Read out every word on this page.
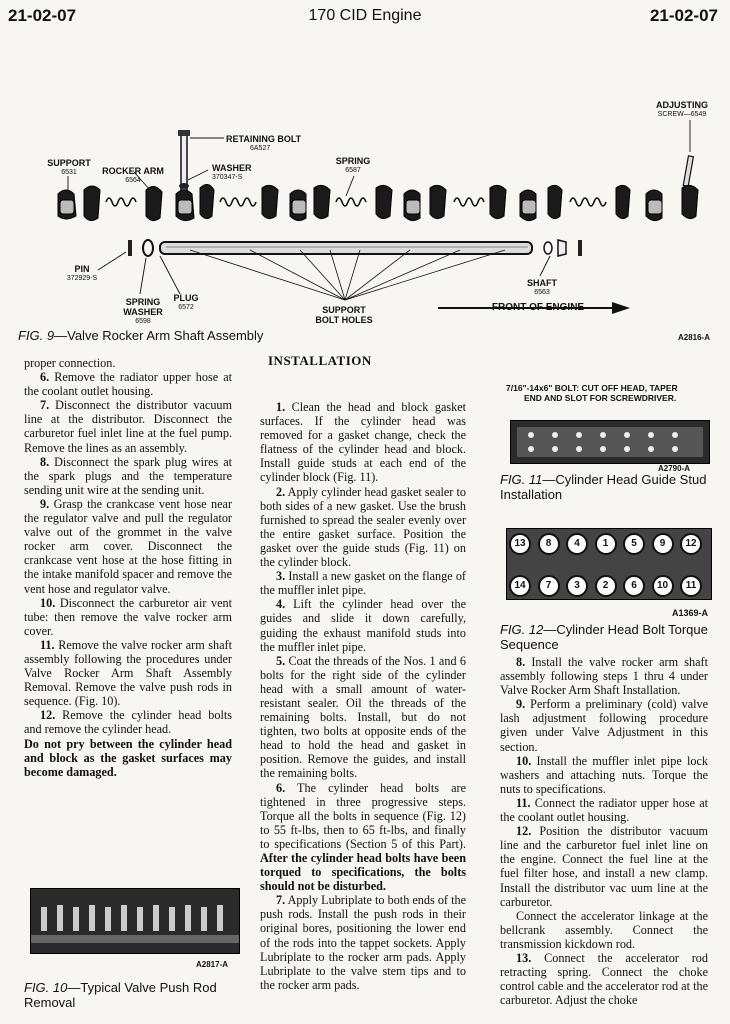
21-02-07	170 CID Engine	21-02-07
ADJUSTING
SCREW—6549
RETAINING BOLT
6A527
WASHER
370347-S
SUPPORT
6531	ROCKER ARM
6564
SPRING
6587
PIN
372929-S
SPRING
WASHER
6598
PLUG
6572	SUPPORT
BOLT HOLES
SHAFT
6563
FRONT OF ENGINE
FIG. 9—Valve Rocker Arm Shaft Assembly	A2816-A

proper connection.

6. Remove the radiator upper hose at the coolant outlet housing.

7. Disconnect the distributor vacuum line at the distributor. Disconnect the carburetor fuel inlet line at the fuel pump. Remove the lines as an assembly.

8. Disconnect the spark plug wires at the spark plugs and the temperature sending unit wire at the sending unit.

9. Grasp the crankcase vent hose near the regulator valve and pull the regulator valve out of the grommet in the valve rocker arm cover. Disconnect the crankcase vent hose at the hose fitting in the intake manifold spacer and remove the vent hose and regulator valve.

10. Disconnect the carburetor air vent tube: then remove the valve rocker arm cover.

11. Remove the valve rocker arm shaft assembly following the procedures under Valve Rocker Arm Shaft Assembly Removal. Remove the valve push rods in sequence. (Fig. 10).

12. Remove the cylinder head bolts and remove the cylinder head.

Do not pry between the cylinder head and block as the gasket surfaces may become damaged.

A2817-A
FIG. 10—Typical Valve Push Rod Removal
INSTALLATION

1. Clean the head and block gasket surfaces. If the cylinder head was removed for a gasket change, check the flatness of the cylinder head and block. Install guide studs at each end of the cylinder block (Fig. 11).

2. Apply cylinder head gasket sealer to both sides of a new gasket. Use the brush furnished to spread the sealer evenly over the entire gasket surface. Position the gasket over the guide studs (Fig. 11) on the cylinder block.

3. Install a new gasket on the flange of the muffler inlet pipe.

4. Lift the cylinder head over the guides and slide it down carefully, guiding the exhaust manifold studs into the muffler inlet pipe.

5. Coat the threads of the Nos. 1 and 6 bolts for the right side of the cylinder head with a small amount of water-resistant sealer. Oil the threads of the remaining bolts. Install, but do not tighten, two bolts at opposite ends of the head to hold the head and gasket in position. Remove the guides, and install the remaining bolts.

6. The cylinder head bolts are tightened in three progressive steps. Torque all the bolts in sequence (Fig. 12) to 55 ft-lbs, then to 65 ft-lbs, and finally to specifications (Section 5 of this Part). After the cylinder head bolts have been torqued to specifications, the bolts should not be disturbed.

7. Apply Lubriplate to both ends of the push rods. Install the push rods in their original bores, positioning the lower end of the rods into the tappet sockets. Apply Lubriplate to the rocker arm pads. Apply Lubriplate to the valve stem tips and to the rocker arm pads.

7/16"-14x6" BOLT: CUT OFF HEAD, TAPER
END AND SLOT FOR SCREWDRIVER.
A2790-A
FIG. 11—Cylinder Head Guide Stud Installation
13	8	4	1	5	9	12
14	7	3	2	6	10	11
A1369-A
FIG. 12—Cylinder Head Bolt Torque Sequence

8. Install the valve rocker arm shaft assembly following steps 1 thru 4 under Valve Rocker Arm Shaft Installation.

9. Perform a preliminary (cold) valve lash adjustment following procedure given under Valve Adjustment in this section.

10. Install the muffler inlet pipe lock washers and attaching nuts. Torque the nuts to specifications.

11. Connect the radiator upper hose at the coolant outlet housing.

12. Position the distributor vacuum line and the carburetor fuel inlet line on the engine. Connect the fuel line at the fuel filter hose, and install a new clamp. Install the distributor vac uum line at the carburetor.

Connect the accelerator linkage at the bellcrank assembly. Connect the transmission kickdown rod.

13. Connect the accelerator rod retracting spring. Connect the choke control cable and the accelerator rod at the carburetor. Adjust the choke
